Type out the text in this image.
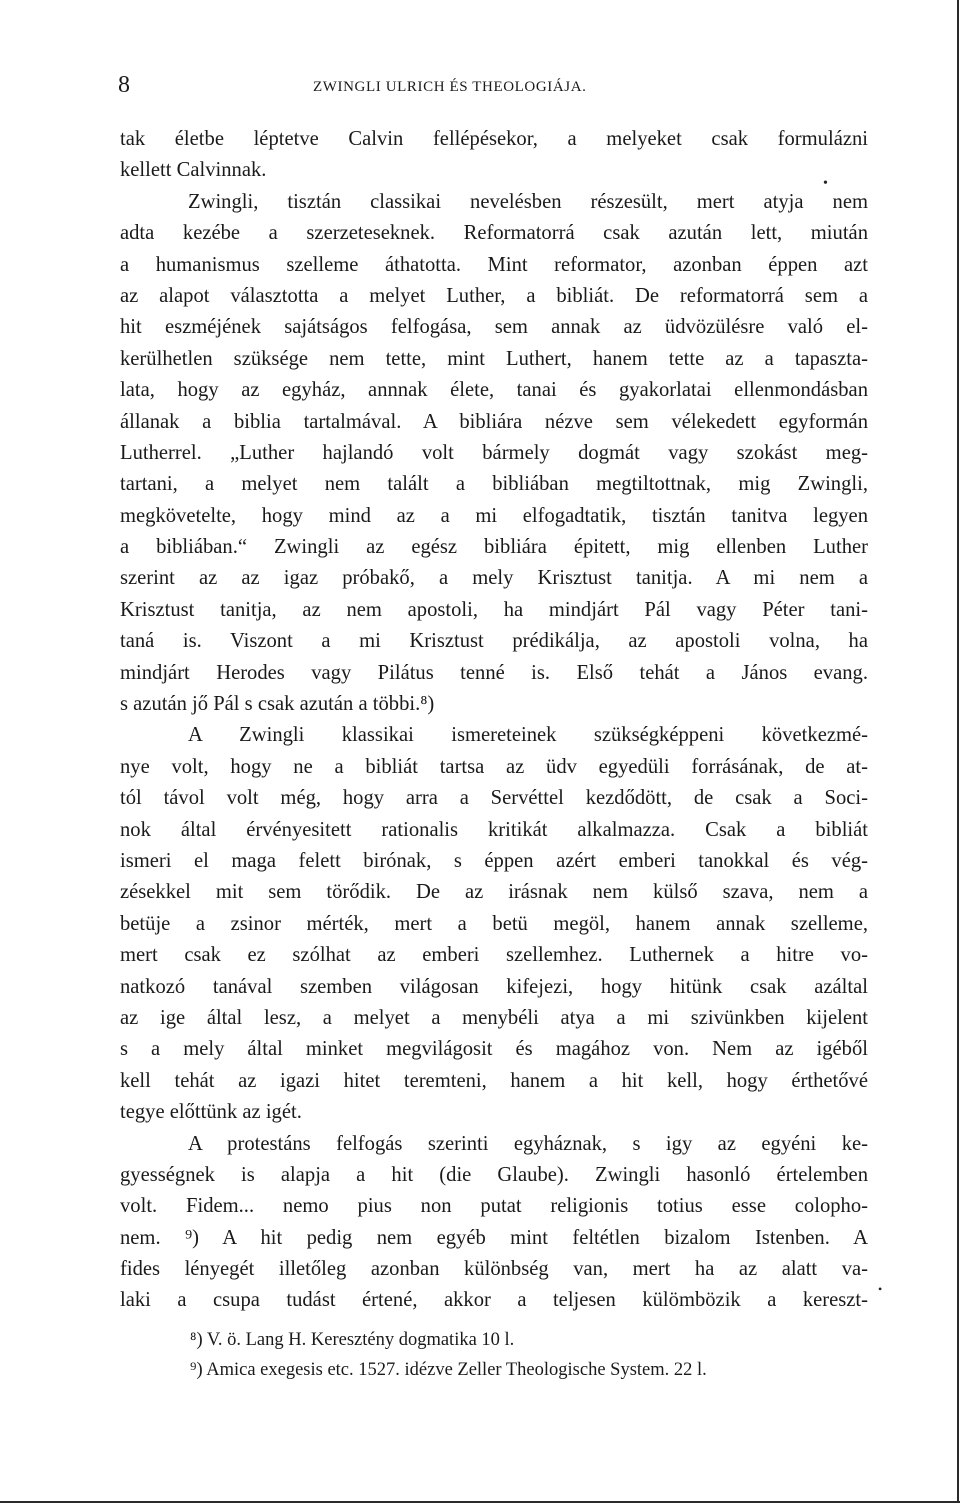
8	ZWINGLI ULRICH ÉS THEOLOGIÁJA.
tak életbe léptetve Calvin fellépésekor, a melyeket csak formulázni
kellett Calvinnak.
Zwingli, tisztán classikai nevelésben részesült, mert atyja nem
adta kezébe a szerzeteseknek. Reformatorrá csak azután lett, miután
a humanismus szelleme áthatotta. Mint reformator, azonban éppen azt
az alapot választotta a melyet Luther, a bibliát. De reformatorrá sem a
hit eszméjének sajátságos felfogása, sem annak az üdvözülésre való el-
kerülhetlen szüksége nem tette, mint Luthert, hanem tette az a tapaszta-
lata, hogy az egyház, annnak élete, tanai és gyakorlatai ellenmondásban
állanak a biblia tartalmával. A bibliára nézve sem vélekedett egyformán
Lutherrel. „Luther hajlandó volt bármely dogmát vagy szokást meg-
tartani, a melyet nem talált a bibliában megtiltottnak, mig Zwingli,
megkövetelte, hogy mind az a mi elfogadtatik, tisztán tanitva legyen
a bibliában.“ Zwingli az egész bibliára épitett, mig ellenben Luther
szerint az az igaz próbakő, a mely Krisztust tanitja. A mi nem a
Krisztust tanitja, az nem apostoli, ha mindjárt Pál vagy Péter tani-
taná is. Viszont a mi Krisztust prédikálja, az apostoli volna, ha
mindjárt Herodes vagy Pilátus tenné is. Első tehát a János evang.
s azután jő Pál s csak azután a többi.⁸)
A Zwingli klassikai ismereteinek szükségképpeni következmé-
nye volt, hogy ne a bibliát tartsa az üdv egyedüli forrásának, de at-
tól távol volt még, hogy arra a Servéttel kezdődött, de csak a Soci-
nok által érvényesitett rationalis kritikát alkalmazza. Csak a bibliát
ismeri el maga felett birónak, s éppen azért emberi tanokkal és vég-
zésekkel mit sem törődik. De az irásnak nem külső szava, nem a
betüje a zsinor mérték, mert a betü megöl, hanem annak szelleme,
mert csak ez szólhat az emberi szellemhez. Luthernek a hitre vo-
natkozó tanával szemben világosan kifejezi, hogy hitünk csak azáltal
az ige által lesz, a melyet a menybéli atya a mi szivünkben kijelent
s a mely által minket megvilágosit és magához von. Nem az igéből
kell tehát az igazi hitet teremteni, hanem a hit kell, hogy érthetővé
tegye előttünk az igét.
A protestáns felfogás szerinti egyháznak, s igy az egyéni ke-
gyességnek is alapja a hit (die Glaube). Zwingli hasonló értelemben
volt. Fidem... nemo pius non putat religionis totius esse colopho-
nem. ⁹) A hit pedig nem egyéb mint feltétlen bizalom Istenben. A
fides lényegét illetőleg azonban különbség van, mert ha az alatt va-
laki a csupa tudást értené, akkor a teljesen külömbözik a kereszt-
⁸) V. ö. Lang H. Keresztény dogmatika 10 l.
⁹) Amica exegesis etc. 1527. idézve Zeller Theologische System. 22 l.
•
•
